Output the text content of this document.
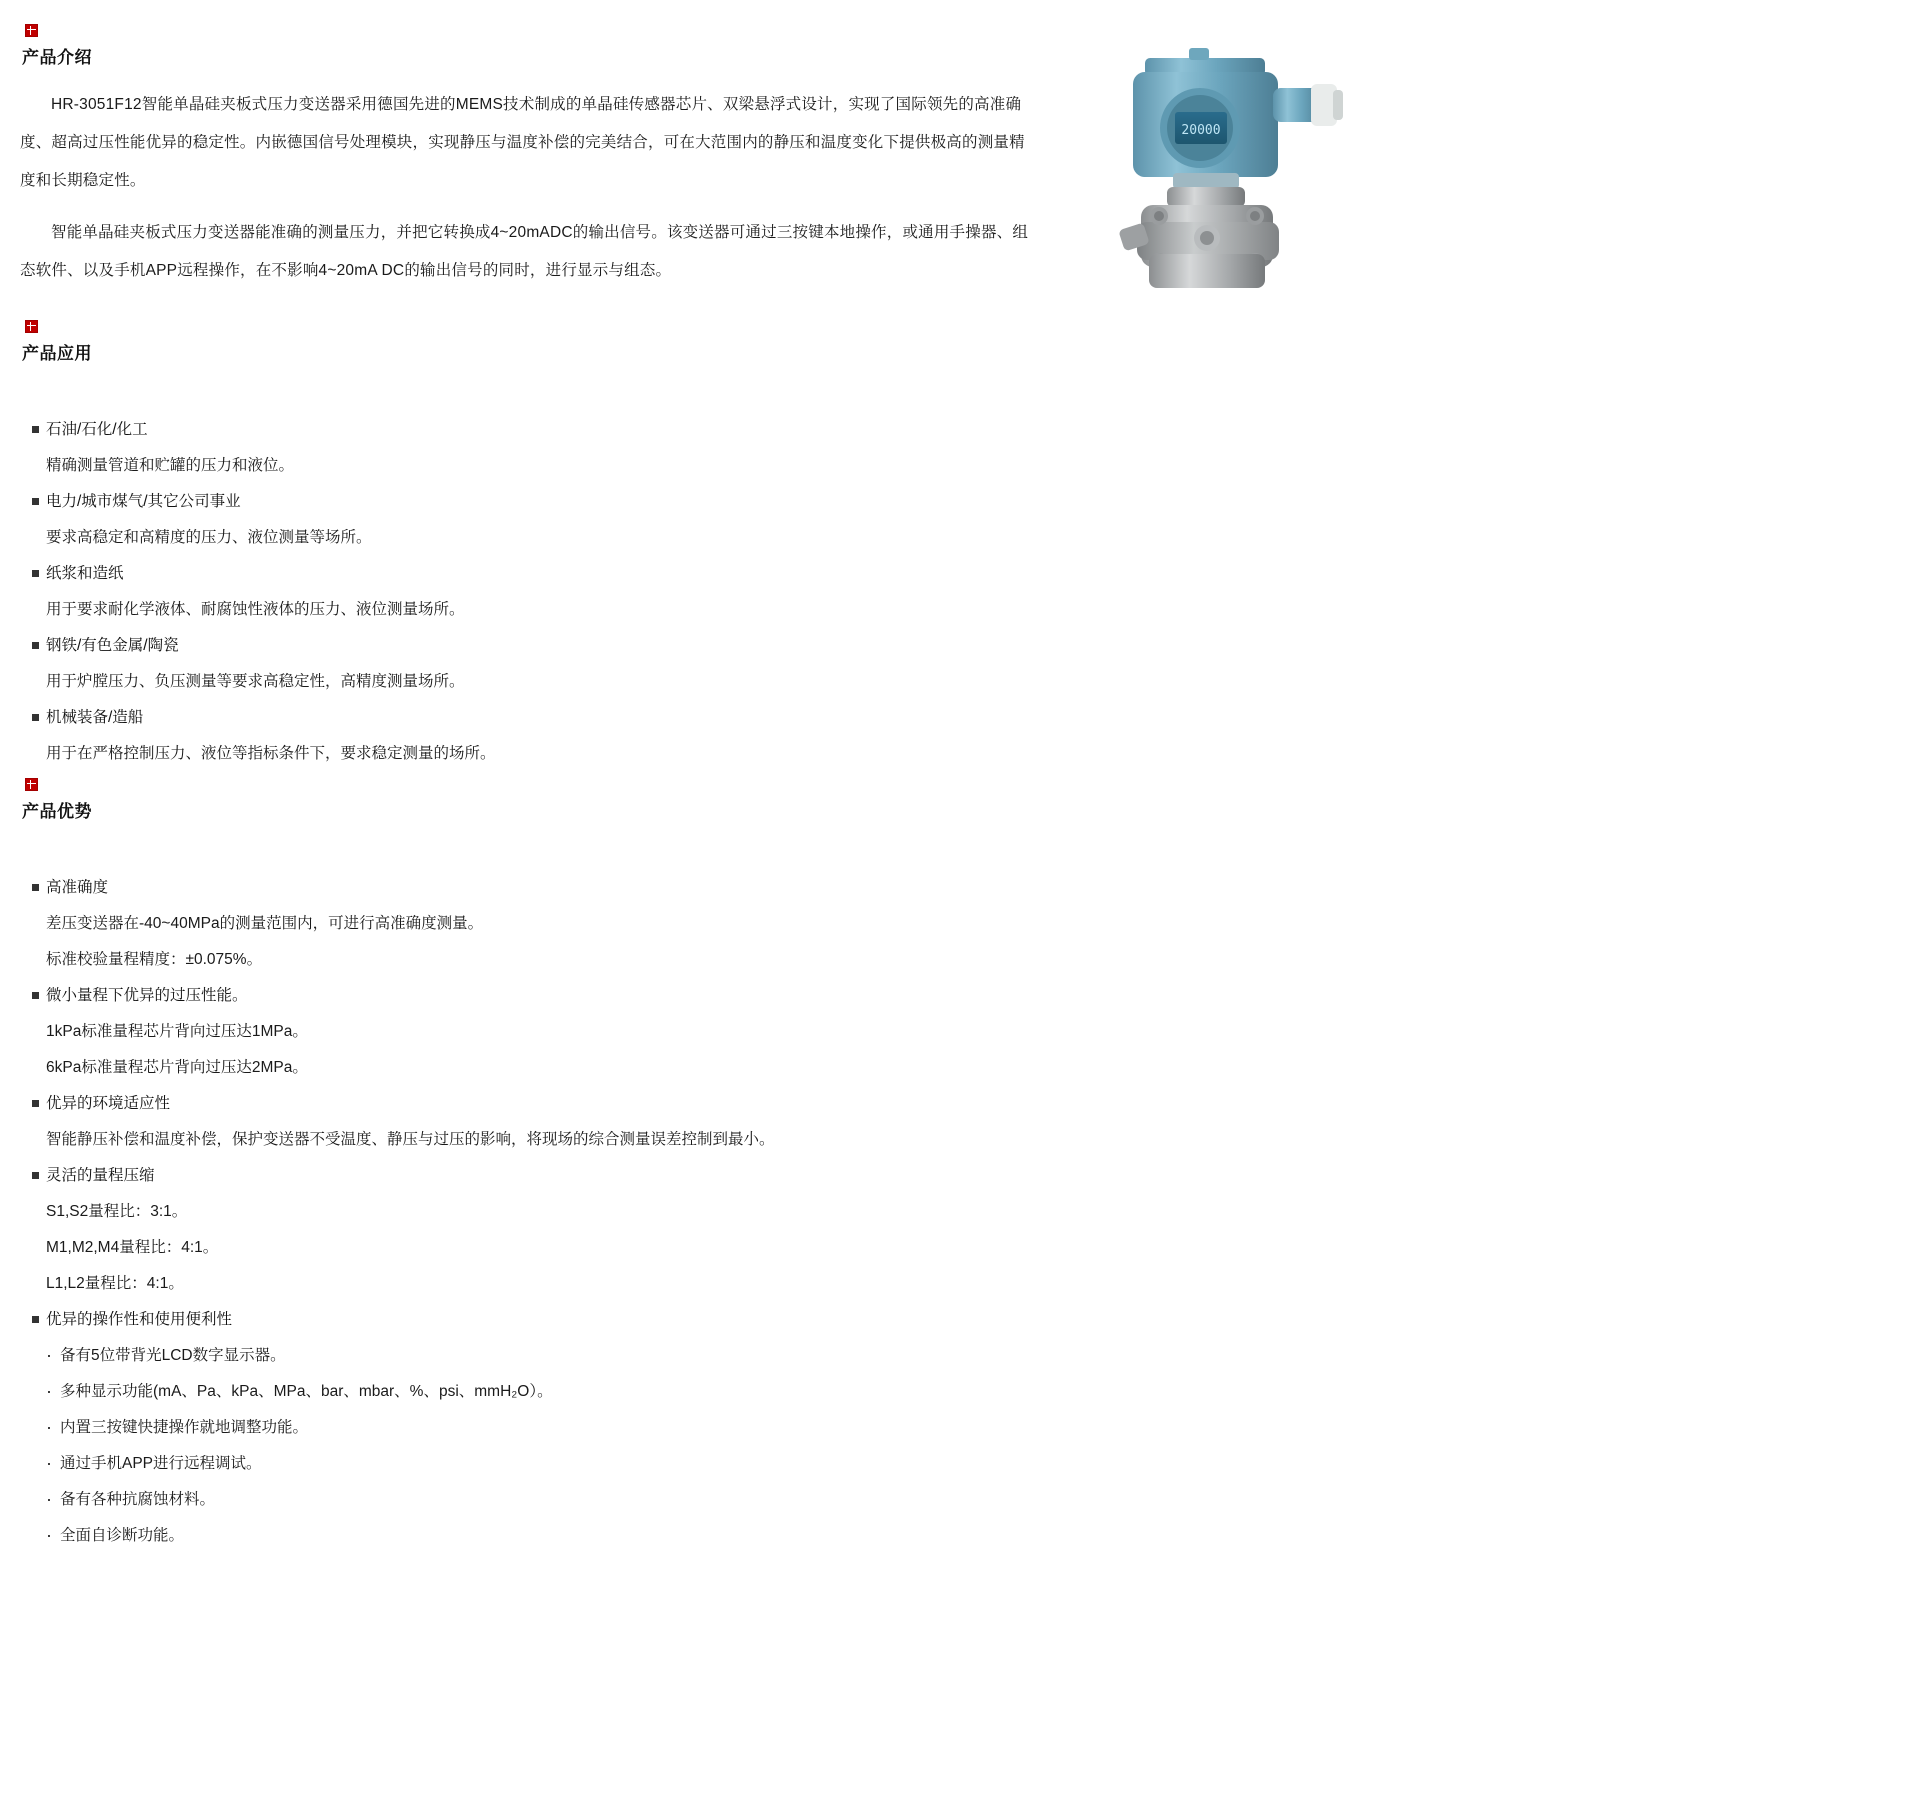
20000
产品介绍

HR-3051F12智能单晶硅夹板式压力变送器采用德国先进的MEMS技术制成的单晶硅传感器芯片、双梁悬浮式设计，实现了国际领先的高准确度、超高过压性能优异的稳定性。内嵌德国信号处理模块，实现静压与温度补偿的完美结合，可在大范围内的静压和温度变化下提供极高的测量精度和长期稳定性。

智能单晶硅夹板式压力变送器能准确的测量压力，并把它转换成4~20mADC的输出信号。该变送器可通过三按键本地操作，或通用手操器、组态软件、以及手机APP远程操作，在不影响4~20mA DC的输出信号的同时，进行显示与组态。

产品应用
石油/石化/化工
精确测量管道和贮罐的压力和液位。
电力/城市煤气/其它公司事业
要求高稳定和高精度的压力、液位测量等场所。
纸浆和造纸
用于要求耐化学液体、耐腐蚀性液体的压力、液位测量场所。
钢铁/有色金属/陶瓷
用于炉膛压力、负压测量等要求高稳定性，高精度测量场所。
机械装备/造船
用于在严格控制压力、液位等指标条件下，要求稳定测量的场所。
产品优势
高准确度
差压变送器在-40~40MPa的测量范围内，可进行高准确度测量。
标准校验量程精度：±0.075%。
微小量程下优异的过压性能。
1kPa标准量程芯片背向过压达1MPa。
6kPa标准量程芯片背向过压达2MPa。
优异的环境适应性
智能静压补偿和温度补偿，保护变送器不受温度、静压与过压的影响，将现场的综合测量误差控制到最小。
灵活的量程压缩
S1,S2量程比：3:1。
M1,M2,M4量程比：4:1。
L1,L2量程比：4:1。
优异的操作性和使用便利性
· 备有5位带背光LCD数字显示器。
· 多种显示功能(mA、Pa、kPa、MPa、bar、mbar、%、psi、mmH₂O）。
· 内置三按键快捷操作就地调整功能。
· 通过手机APP进行远程调试。
· 备有各种抗腐蚀材料。
· 全面自诊断功能。
